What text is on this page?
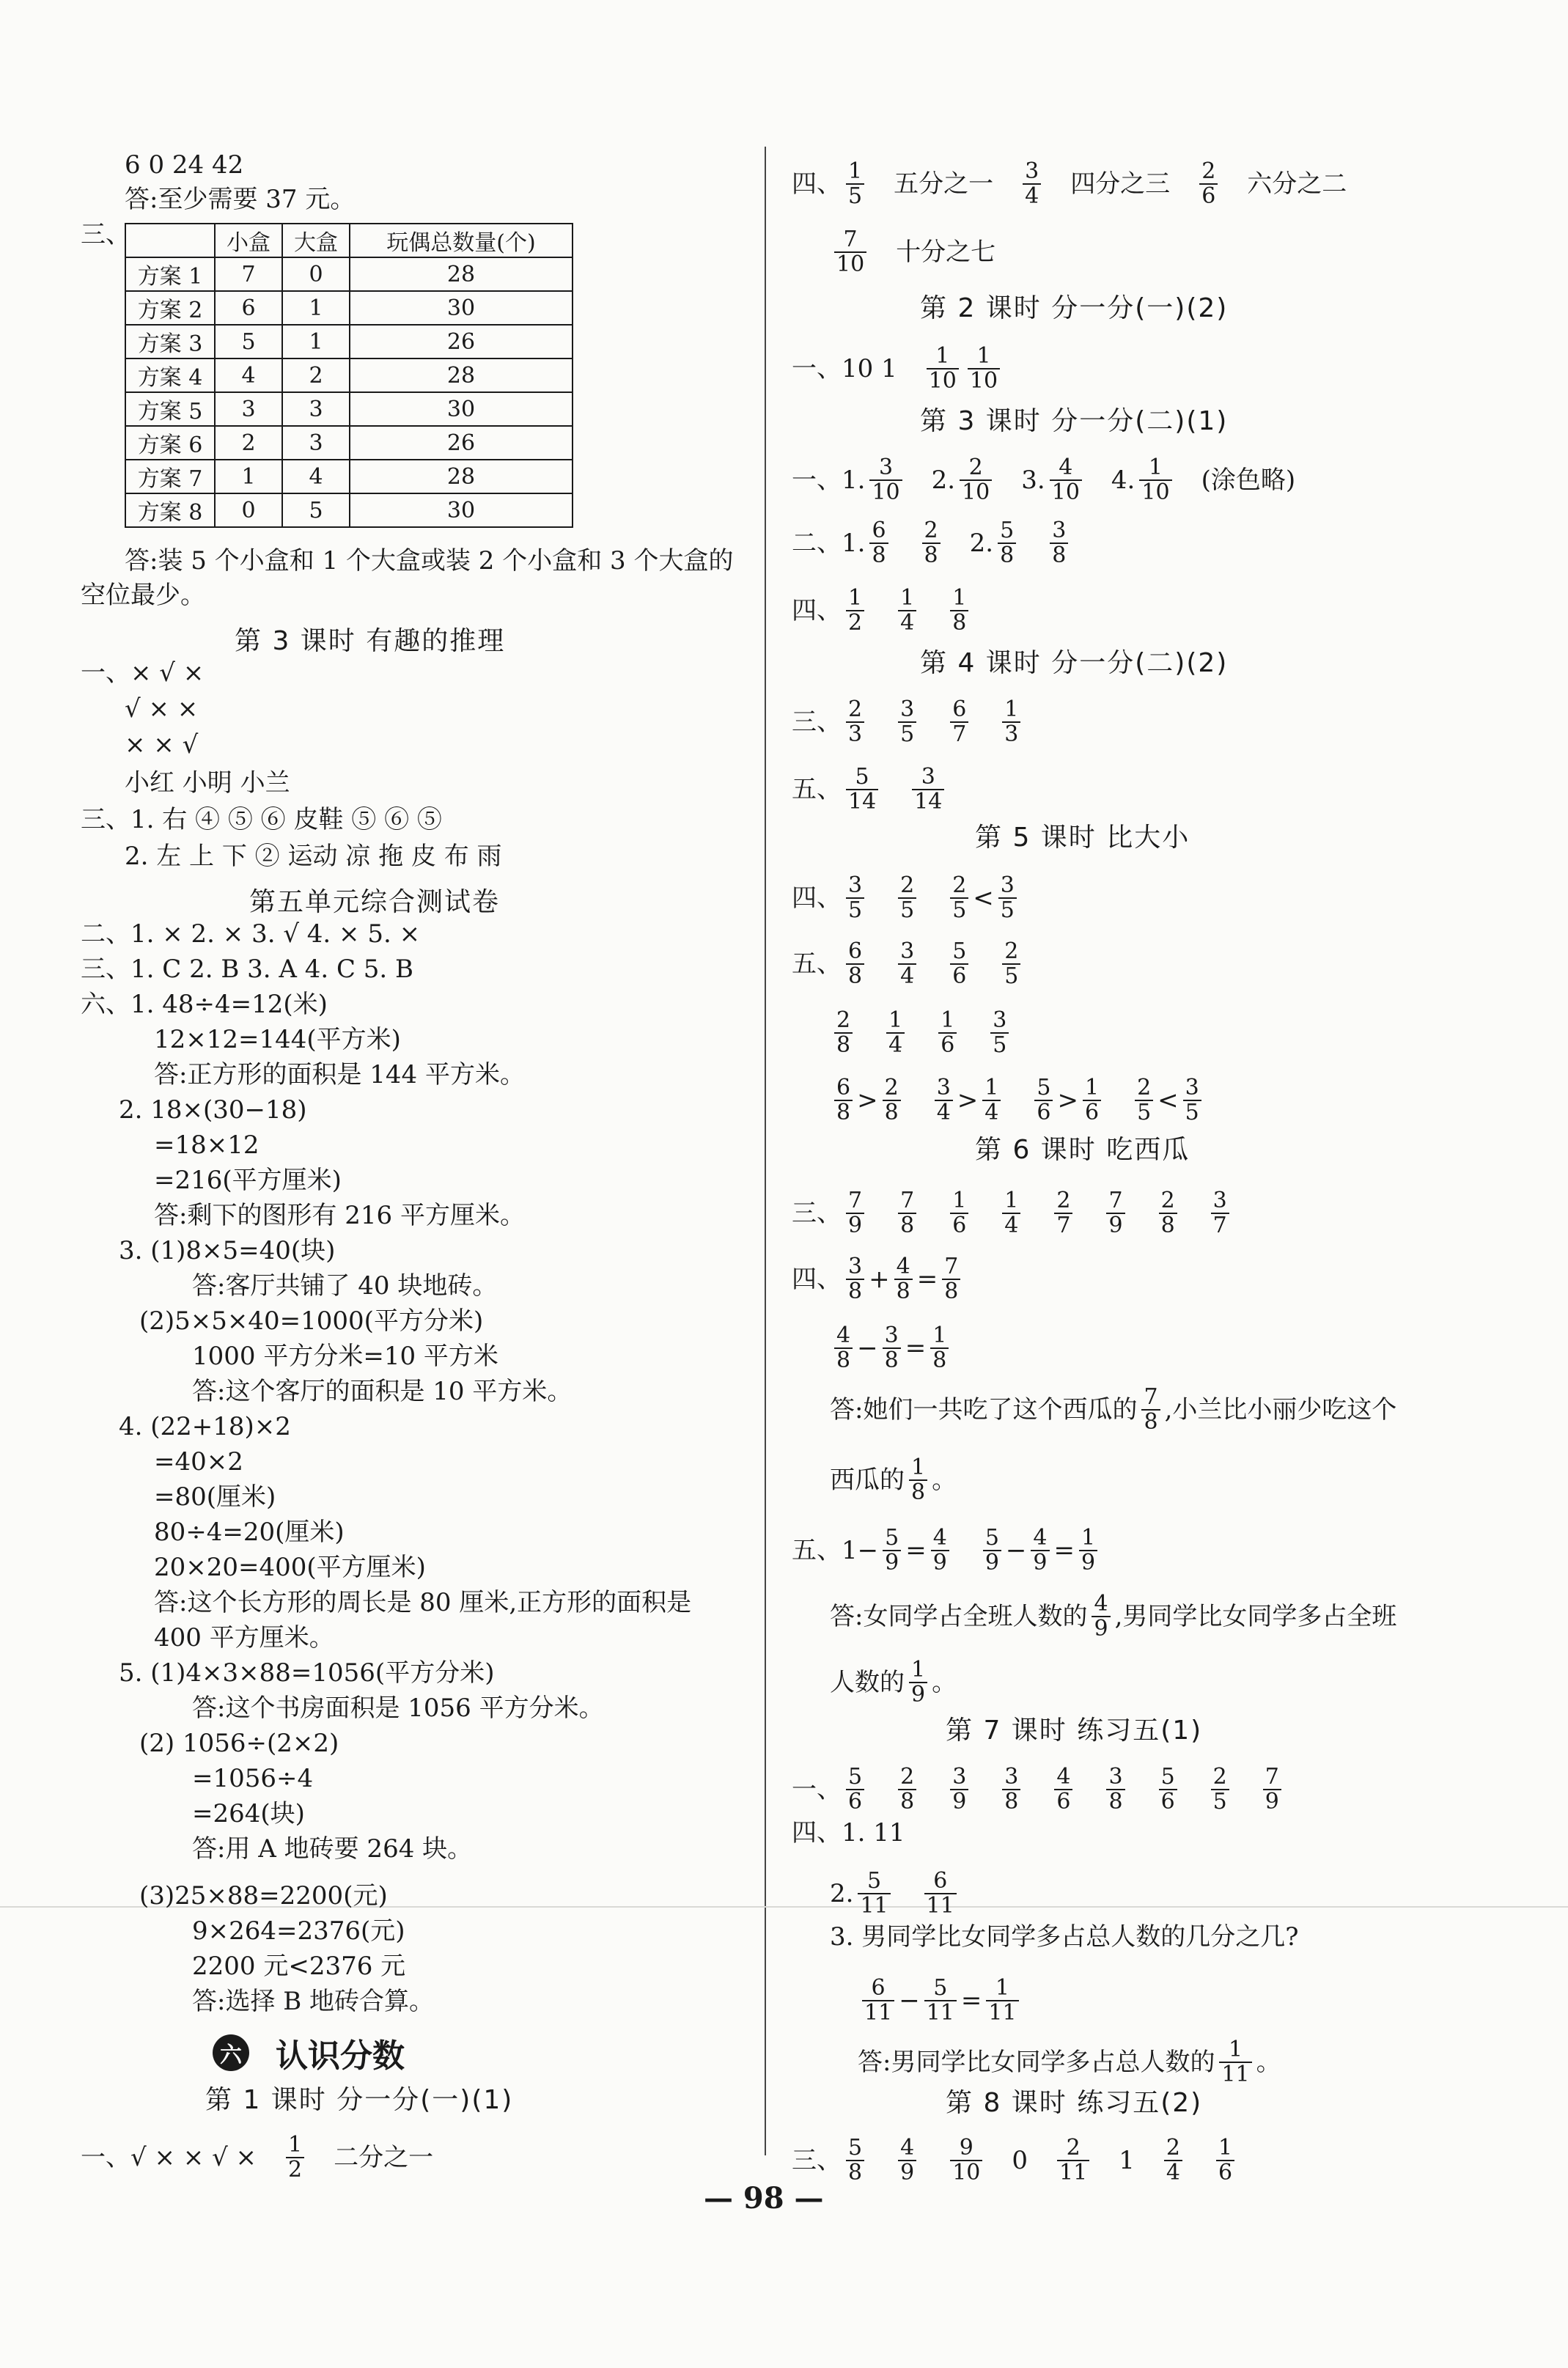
6 0 24 42
答:至少需要 37 元。
三、
		小盒	大盒	玩偶总数量(个)
方案 1	7	0	28
方案 2	6	1	30
方案 3	5	1	26
方案 4	4	2	28
方案 5	3	3	30
方案 6	2	3	26
方案 7	1	4	28
方案 8	0	5	30
答:装 5 个小盒和 1 个大盒或装 2 个小盒和 3 个大盒的
空位最少。
第 3 课时 有趣的推理
一、× √ ×
√ × ×
× × √
小红 小明 小兰
三、1. 右 ④ ⑤ ⑥ 皮鞋 ⑤ ⑥ ⑤
2. 左 上 下 ② 运动 凉 拖 皮 布 雨
第五单元综合测试卷
二、1. × 2. × 3. √ 4. × 5. ×
三、1. C 2. B 3. A 4. C 5. B
六、1. 48÷4=12(米)
12×12=144(平方米)
答:正方形的面积是 144 平方米。
2. 18×(30−18)
=18×12
=216(平方厘米)
答:剩下的图形有 216 平方厘米。
3. (1)8×5=40(块)
答:客厅共铺了 40 块地砖。
(2)5×5×40=1000(平方分米)
1000 平方分米=10 平方米
答:这个客厅的面积是 10 平方米。
4. (22+18)×2
=40×2
=80(厘米)
80÷4=20(厘米)
20×20=400(平方厘米)
答:这个长方形的周长是 80 厘米,正方形的面积是
400 平方厘米。
5. (1)4×3×88=1056(平方分米)
答:这个书房面积是 1056 平方分米。
(2) 1056÷(2×2)
=1056÷4
=264(块)
答:用 A 地砖要 264 块。
(3)25×88=2200(元)
9×264=2376(元)
2200 元<2376 元
答:选择 B 地砖合算。
第 1 课时 分一分(一)(1)
一、√ × × √ × $\frac{1}{2}$ 二分之一
六 认识分数
四、 $\frac{1}{5}$ 五分之一 $\frac{3}{4}$ 四分之三 $\frac{2}{6}$ 六分之二
$\frac{7}{10}$ 十分之七
第 2 课时 分一分(一)(2)
一、10 $1 \frac{1}{10} \frac{1}{10}$
第 3 课时 分一分(二)(1)
一、1. $\frac{3}{10} 2$. $\frac{2}{10} 3$. $\frac{4}{10} 4$. $\frac{1}{10}$ (涂色略)
二、1. $\frac{6}{8} \frac{2}{8} 2$. $\frac{5}{8} \frac{3}{8}$
四、 $\frac{1}{2} \frac{1}{4} \frac{1}{8}$
第 4 课时 分一分(二)(2)
三、 $\frac{2}{3} \frac{3}{5} \frac{6}{7} \frac{1}{3}$
五、 $\frac{5}{14} \frac{3}{14}$
第 5 课时 比大小
四、 $\frac{3}{5} \frac{2}{5} \frac{2}{5} < \frac{3}{5}$
五、 $\frac{6}{8} \frac{3}{4} \frac{5}{6} \frac{2}{5}$
$\frac{2}{8} \frac{1}{4} \frac{1}{6} \frac{3}{5}$
$\frac{6}{8} > \frac{2}{8} \frac{3}{4} > \frac{1}{4} \frac{5}{6} > \frac{1}{6} \frac{2}{5} < \frac{3}{5}$
第 6 课时 吃西瓜
三、 $\frac{7}{9} \frac{7}{8} \frac{1}{6} \frac{1}{4} \frac{2}{7} \frac{7}{9} \frac{2}{8} \frac{3}{7}$
四、 $\frac{3}{8} + \frac{4}{8} = \frac{7}{8}$
$\frac{4}{8} - \frac{3}{8} = \frac{1}{8}$
答:她们一共吃了这个西瓜的 $\frac{7}{8}$ ,小兰比小丽少吃这个
西瓜的 $\frac{1}{8}$ 。
五、$1- \frac{5}{9} = \frac{4}{9} \frac{5}{9} - \frac{4}{9} = \frac{1}{9}$
答:女同学占全班人数的 $\frac{4}{9}$ ,男同学比女同学多占全班
人数的 $\frac{1}{9}$ 。
第 7 课时 练习五(1)
一、 $\frac{5}{6} \frac{2}{8} \frac{3}{9} \frac{3}{8} \frac{4}{6} \frac{3}{8} \frac{5}{6} \frac{2}{5} \frac{7}{9}$
四、1. 11
2. $\frac{5}{11} \frac{6}{11}$
3. 男同学比女同学多占总人数的几分之几?
$\frac{6}{11} - \frac{5}{11} = \frac{1}{11}$
答:男同学比女同学多占总人数的 $\frac{1}{11}$ 。
第 8 课时 练习五(2)
三、 $\frac{5}{8} \frac{4}{9} \frac{9}{10} 0 \frac{2}{11} 1 \frac{2}{4} \frac{1}{6}$
— 98 —
